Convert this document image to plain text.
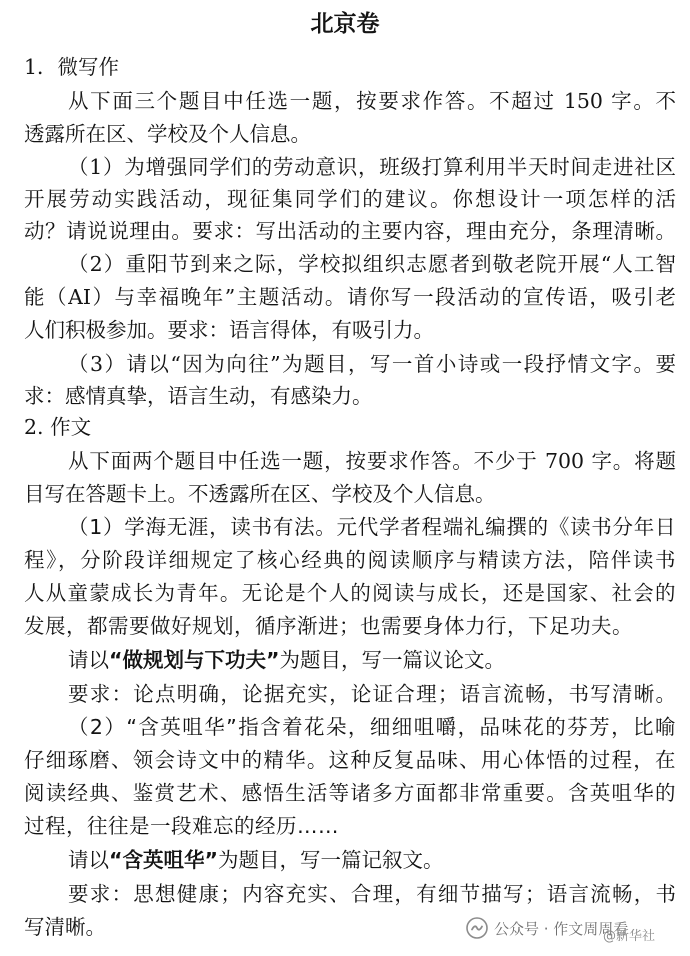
北京卷
1．微写作
从下面三个题目中任选一题，按要求作答。不超过 150 字。不
透露所在区、学校及个人信息。
（1）为增强同学们的劳动意识，班级打算利用半天时间走进社区
开展劳动实践活动，现征集同学们的建议。你想设计一项怎样的活
动？请说说理由。要求：写出活动的主要内容，理由充分，条理清晰。
（2）重阳节到来之际，学校拟组织志愿者到敬老院开展“人工智
能（AI）与幸福晚年”主题活动。请你写一段活动的宣传语，吸引老
人们积极参加。要求：语言得体，有吸引力。
（3）请以“因为向往”为题目，写一首小诗或一段抒情文字。要
求：感情真挚，语言生动，有感染力。
2. 作文
从下面两个题目中任选一题，按要求作答。不少于 700 字。将题
目写在答题卡上。不透露所在区、学校及个人信息。
（1）学海无涯，读书有法。元代学者程端礼编撰的《读书分年日
程》，分阶段详细规定了核心经典的阅读顺序与精读方法，陪伴读书
人从童蒙成长为青年。无论是个人的阅读与成长，还是国家、社会的
发展，都需要做好规划，循序渐进；也需要身体力行，下足功夫。
请以“做规划与下功夫”为题目，写一篇议论文。
要求：论点明确，论据充实，论证合理；语言流畅，书写清晰。
（2）“含英咀华”指含着花朵，细细咀嚼，品味花的芬芳，比喻
仔细琢磨、领会诗文中的精华。这种反复品味、用心体悟的过程，在
阅读经典、鉴赏艺术、感悟生活等诸多方面都非常重要。含英咀华的
过程，往往是一段难忘的经历……
请以“含英咀华”为题目，写一篇记叙文。
要求：思想健康；内容充实、合理，有细节描写；语言流畅，书
写清晰。	公众号 · 作文周周看
@新华社
